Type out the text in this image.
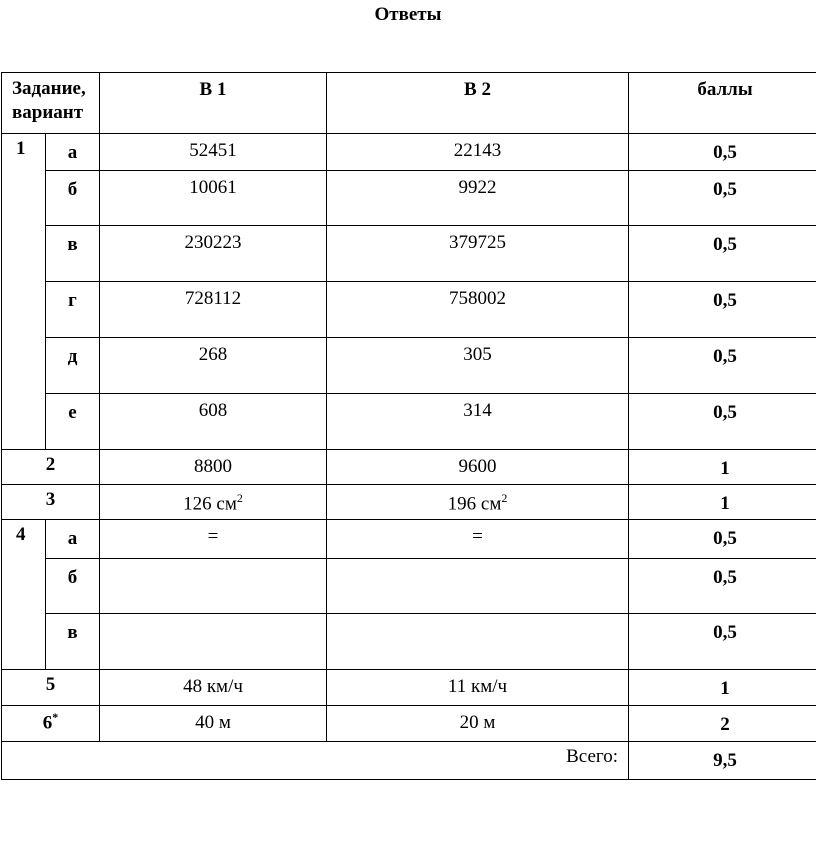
Ответы
Задание,
вариант		В 1	В 2	баллы
1	а	52451	22143	0,5
	б	10061	9922	0,5
	в	230223	379725	0,5
	г	728112	758002	0,5
	д	268	305	0,5
	е	608	314	0,5
2		8800	9600	1
3		126 $см^2$	196 $см^2$	1
4	а	=	=	0,5
	б			0,5
	в			0,5
5		48 км/ч	11 км/ч	1
6*		40 м	20 м	2
Всего:				9,5
